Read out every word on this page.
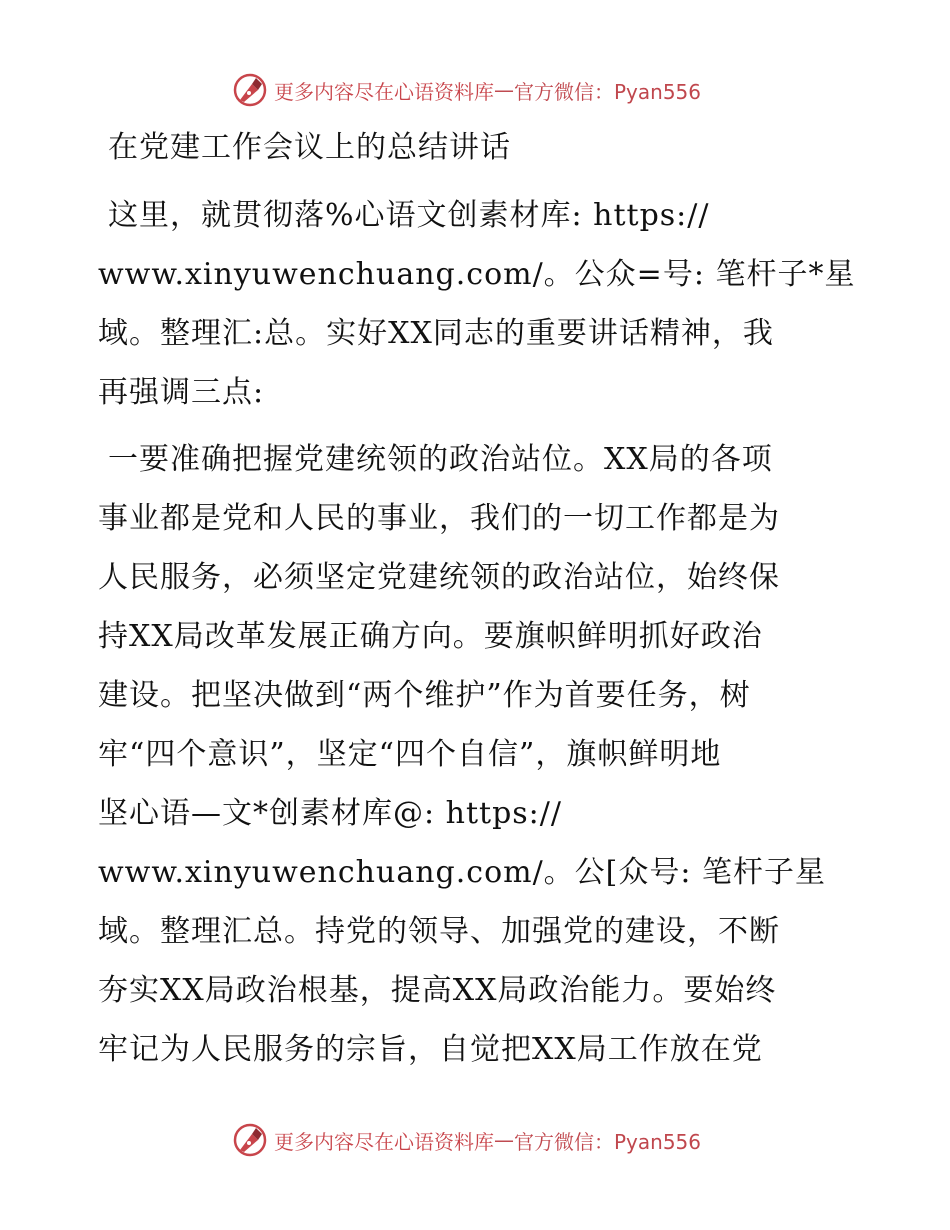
更多内容尽在心语资料库 — 官方微信：Pyan556
在党建工作会议上的总结讲话
这里，就贯彻落%心语文创素材库: https://
www.xinyuwenchuang.com/。公众=号: 笔杆子*星
域。整理汇:总。实好XX同志的重要讲话精神，我
再强调三点:
一要准确把握党建统领的政治站位。XX局的各项
事业都是党和人民的事业，我们的一切工作都是为
人民服务，必须坚定党建统领的政治站位，始终保
持XX局改革发展正确方向。要旗帜鲜明抓好政治
建设。把坚决做到“两个维护”作为首要任务，树
牢“四个意识”，坚定“四个自信”，旗帜鲜明地
坚心语—文*创素材库@: https://
www.xinyuwenchuang.com/。公[众号: 笔杆子星
域。整理汇总。持党的领导、加强党的建设，不断
夯实XX局政治根基，提高XX局政治能力。要始终
牢记为人民服务的宗旨，自觉把XX局工作放在党
更多内容尽在心语资料库 — 官方微信：Pyan556
